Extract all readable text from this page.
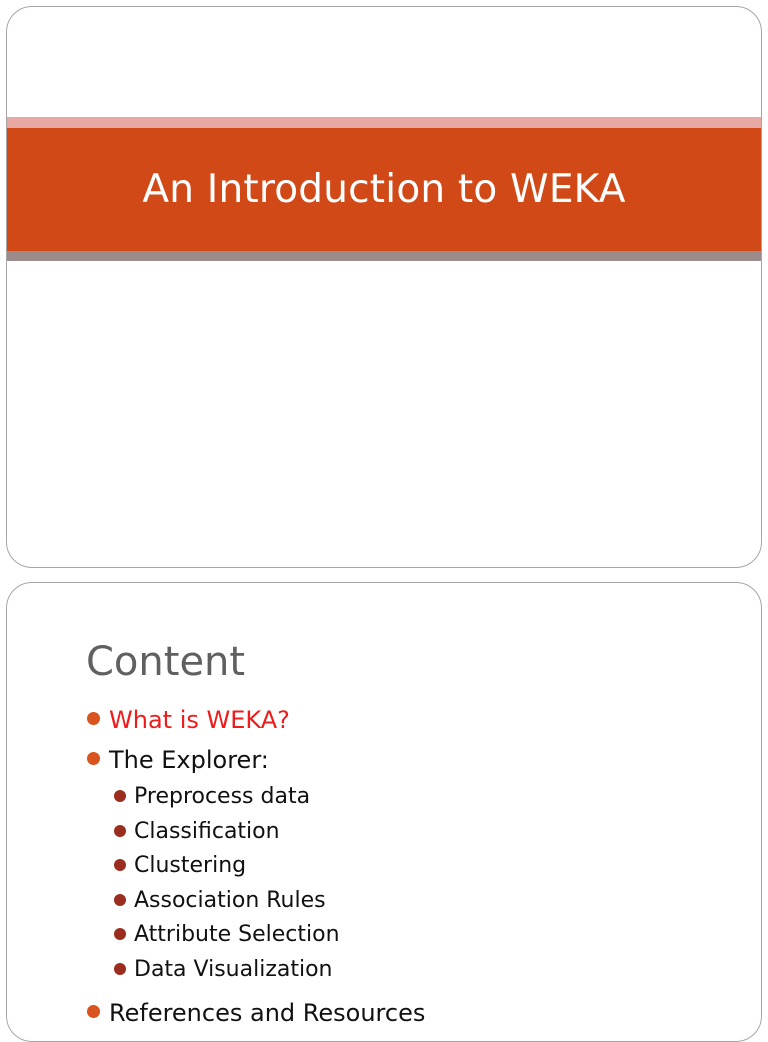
An Introduction to WEKA
Content
What is WEKA?
The Explorer:
Preprocess data
Classification
Clustering
Association Rules
Attribute Selection
Data Visualization
References and Resources
